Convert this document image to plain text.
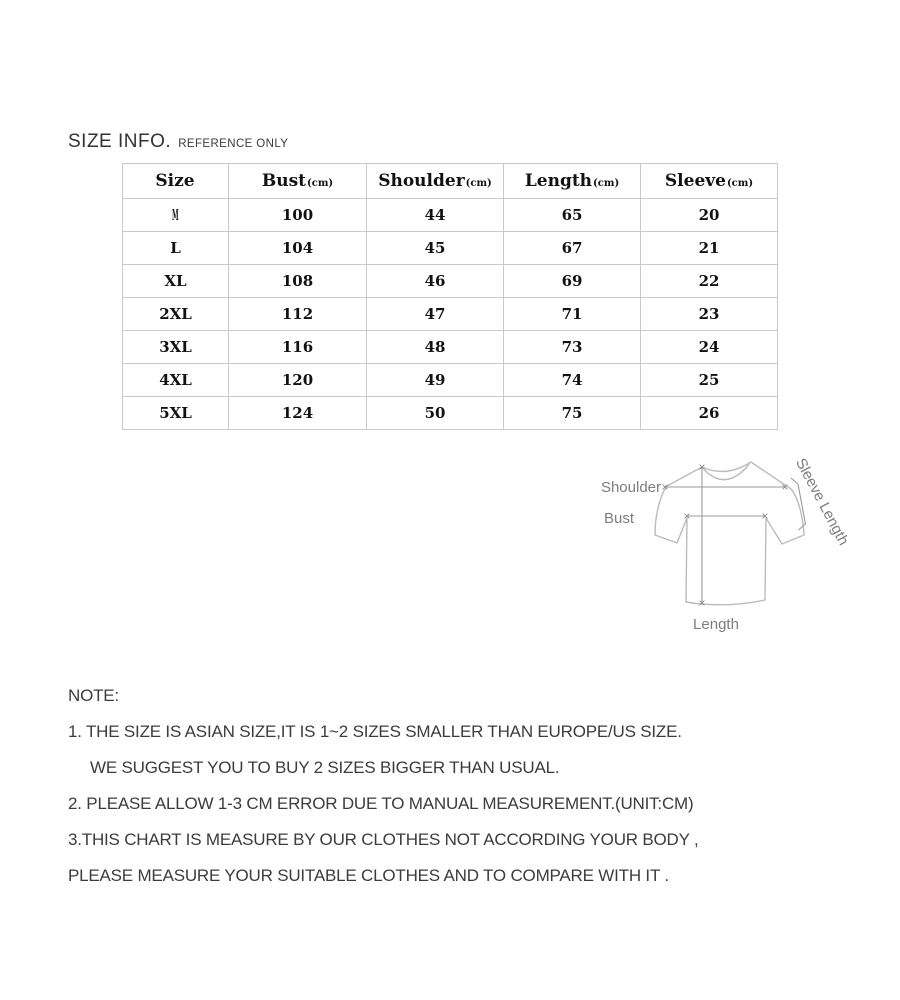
SIZE INFO. REFERENCE ONLY
Size	Bust(cm)	Shoulder(cm)	Length(cm)	Sleeve(cm)
M	100	44	65	20
L	104	45	67	21
XL	108	46	69	22
2XL	112	47	71	23
3XL	116	48	73	24
4XL	120	49	74	25
5XL	124	50	75	26
×	×
×	×
×
×
Shoulder
Bust
Length
Sleeve Length
NOTE:
1. THE SIZE IS ASIAN SIZE,IT IS 1~2 SIZES SMALLER THAN EUROPE/US SIZE.
WE SUGGEST YOU TO BUY 2 SIZES BIGGER THAN USUAL.
2. PLEASE ALLOW 1-3 CM ERROR DUE TO MANUAL MEASUREMENT.(UNIT:CM)
3.THIS CHART IS MEASURE BY OUR CLOTHES NOT ACCORDING YOUR BODY ,
PLEASE MEASURE YOUR SUITABLE CLOTHES AND TO COMPARE WITH IT .
